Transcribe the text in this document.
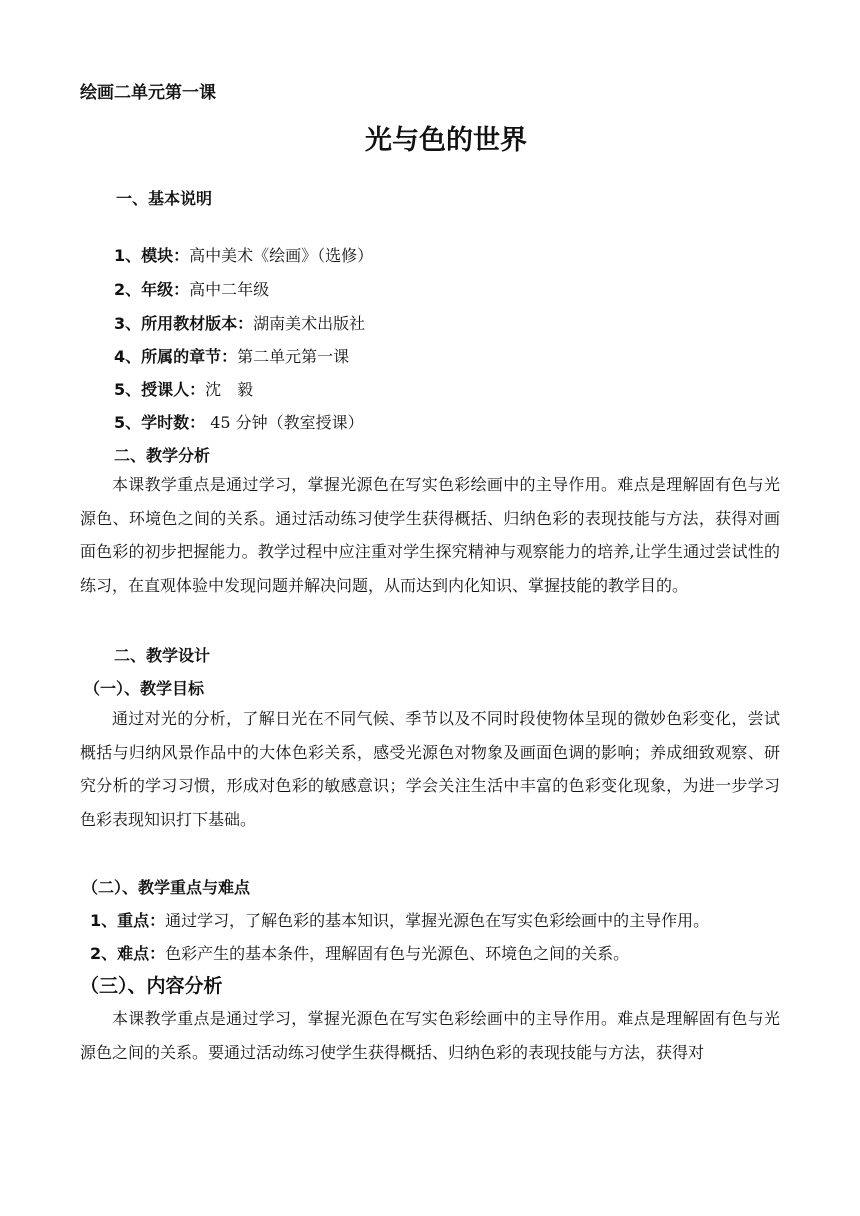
绘画二单元第一课
光与色的世界
一、基本说明
1、模块：高中美术《绘画》（选修）
2、年级：高中二年级
3、所用教材版本：湖南美术出版社
4、所属的章节：第二单元第一课
5、授课人：沈　毅
5、学时数： 45 分钟（教室授课）
二、教学分析
本课教学重点是通过学习，掌握光源色在写实色彩绘画中的主导作用。难点是理解固有色与光源色、环境色之间的关系。通过活动练习使学生获得概括、归纳色彩的表现技能与方法，获得对画面色彩的初步把握能力。教学过程中应注重对学生探究精神与观察能力的培养,让学生通过尝试性的练习，在直观体验中发现问题并解决问题，从而达到内化知识、掌握技能的教学目的。
二、教学设计
（一）、教学目标
通过对光的分析，了解日光在不同气候、季节以及不同时段使物体呈现的微妙色彩变化，尝试概括与归纳风景作品中的大体色彩关系，感受光源色对物象及画面色调的影响；养成细致观察、研究分析的学习习惯，形成对色彩的敏感意识；学会关注生活中丰富的色彩变化现象，为进一步学习色彩表现知识打下基础。
（二）、教学重点与难点
1、重点：通过学习，了解色彩的基本知识，掌握光源色在写实色彩绘画中的主导作用。
2、难点：色彩产生的基本条件，理解固有色与光源色、环境色之间的关系。
（三）、内容分析
本课教学重点是通过学习，掌握光源色在写实色彩绘画中的主导作用。难点是理解固有色与光源色之间的关系。要通过活动练习使学生获得概括、归纳色彩的表现技能与方法，获得对
